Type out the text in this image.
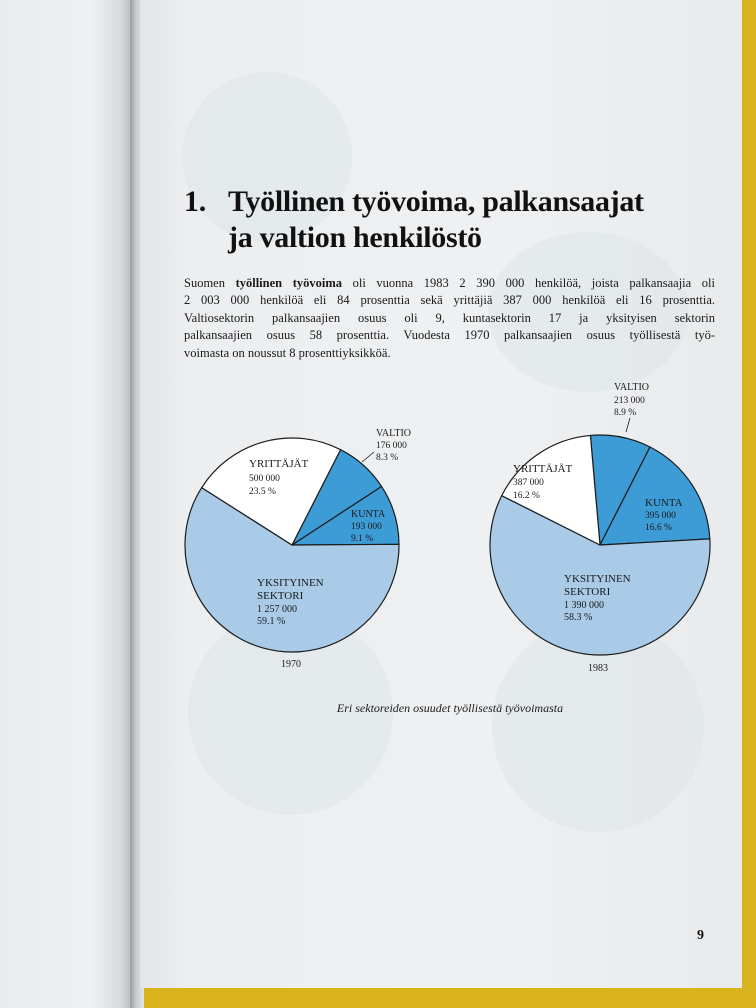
1. Työllinen työvoima, palkansaajat
ja valtion henkilöstö

Suomen työllinen työvoima oli vuonna 1983 2 390 000 henkilöä, joista palkansaajia oli
2 003 000 henkilöä eli 84 prosenttia sekä yrittäjiä 387 000 henkilöä eli 16 prosenttia.
Valtiosektorin palkansaajien osuus oli 9, kuntasektorin 17 ja yksityisen sektorin
palkansaajien osuus 58 prosenttia. Vuodesta 1970 palkansaajien osuus työllisestä työ-
voimasta on noussut 8 prosenttiyksikköä.

YRITTÄJÄT
500 000
23.5 %
VALTIO
176 000
8.3 %
KUNTA
193 000
9.1 %
YKSITYINEN
SEKTORI
1 257 000
59.1 %
1970
VALTIO
213 000
8.9 %
YRITTÄJÄT
387 000
16.2 %
KUNTA
395 000
16.6 %
YKSITYINEN
SEKTORI
1 390 000
58.3 %
1983
Eri sektoreiden osuudet työllisestä työvoimasta
9
